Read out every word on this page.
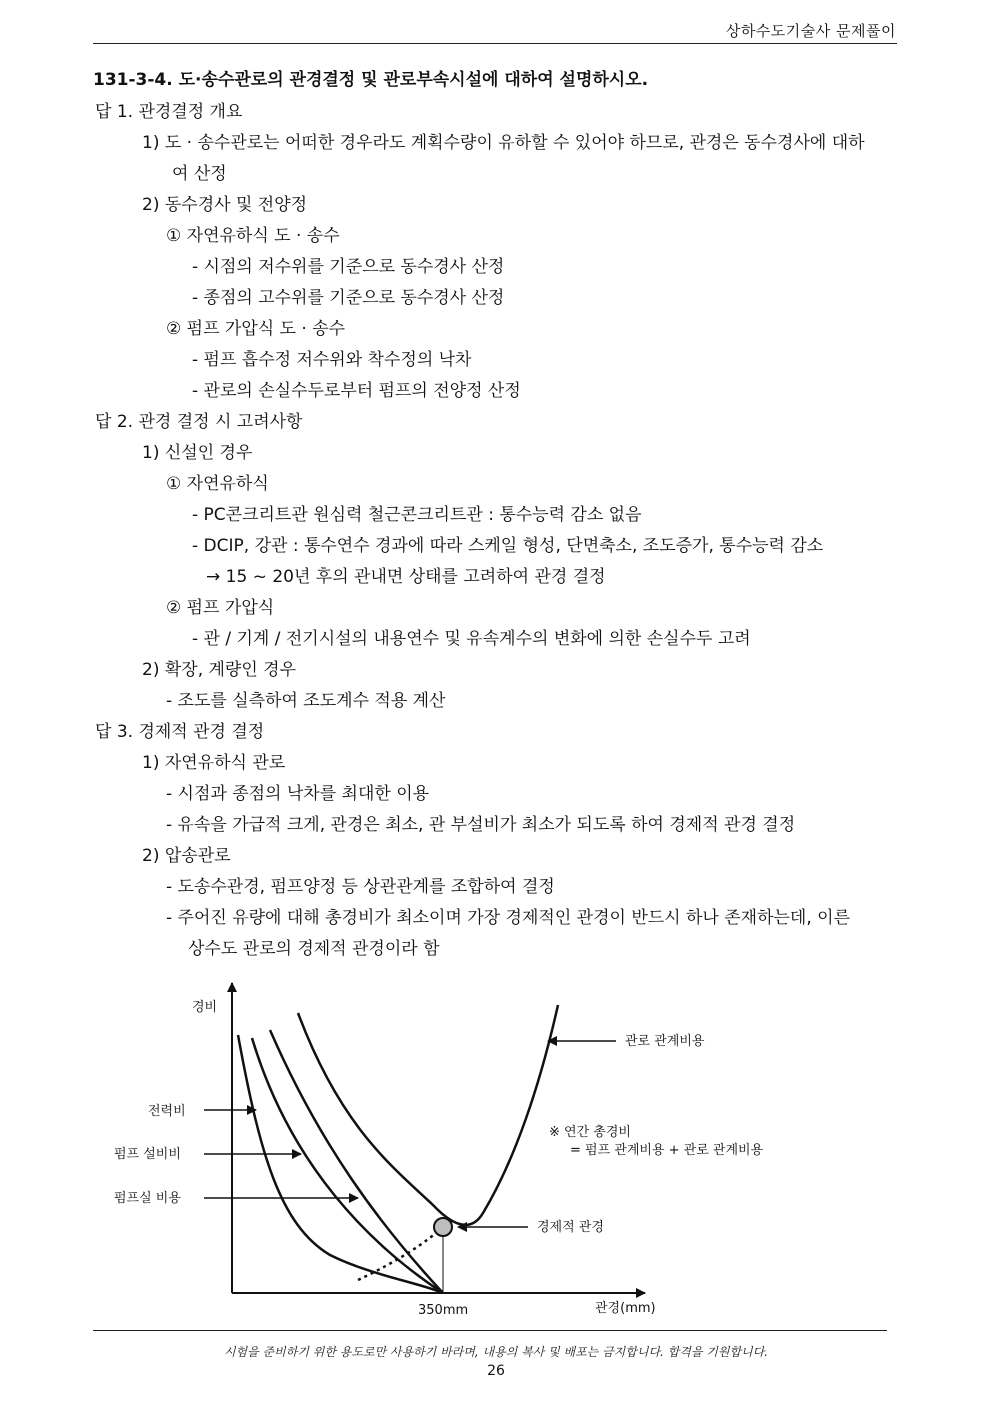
상하수도기술사 문제풀이
131-3-4. 도·송수관로의 관경결정 및 관로부속시설에 대하여 설명하시오.
답 1. 관경결정 개요
1) 도 · 송수관로는 어떠한 경우라도 계획수량이 유하할 수 있어야 하므로, 관경은 동수경사에 대하
여 산정
2) 동수경사 및 전양정
① 자연유하식 도 · 송수
- 시점의 저수위를 기준으로 동수경사 산정
- 종점의 고수위를 기준으로 동수경사 산정
② 펌프 가압식 도 · 송수
- 펌프 흡수정 저수위와 착수정의 낙차
- 관로의 손실수두로부터 펌프의 전양정 산정
답 2. 관경 결정 시 고려사항
1) 신설인 경우
① 자연유하식
- PC콘크리트관 원심력 철근콘크리트관 : 통수능력 감소 없음
- DCIP, 강관 : 통수연수 경과에 따라 스케일 형성, 단면축소, 조도증가, 통수능력 감소
→ 15 ~ 20년 후의 관내면 상태를 고려하여 관경 결정
② 펌프 가압식
- 관 / 기계 / 전기시설의 내용연수 및 유속계수의 변화에 의한 손실수두 고려
2) 확장, 계량인 경우
- 조도를 실측하여 조도계수 적용 계산
답 3. 경제적 관경 결정
1) 자연유하식 관로
- 시점과 종점의 낙차를 최대한 이용
- 유속을 가급적 크게, 관경은 최소, 관 부설비가 최소가 되도록 하여 경제적 관경 결정
2) 압송관로
- 도송수관경, 펌프양정 등 상관관계를 조합하여 결정
- 주어진 유량에 대해 총경비가 최소이며 가장 경제적인 관경이 반드시 하나 존재하는데, 이른
상수도 관로의 경제적 관경이라 함
경비
관경(mm)
350mm
전력비
펌프 설비비
펌프실 비용
관로 관계비용
※ 연간 총경비
= 펌프 관계비용 + 관로 관계비용
경제적 관경
시험을 준비하기 위한 용도로만 사용하기 바라며, 내용의 복사 및 배포는 금지합니다. 합격을 기원합니다.
26
